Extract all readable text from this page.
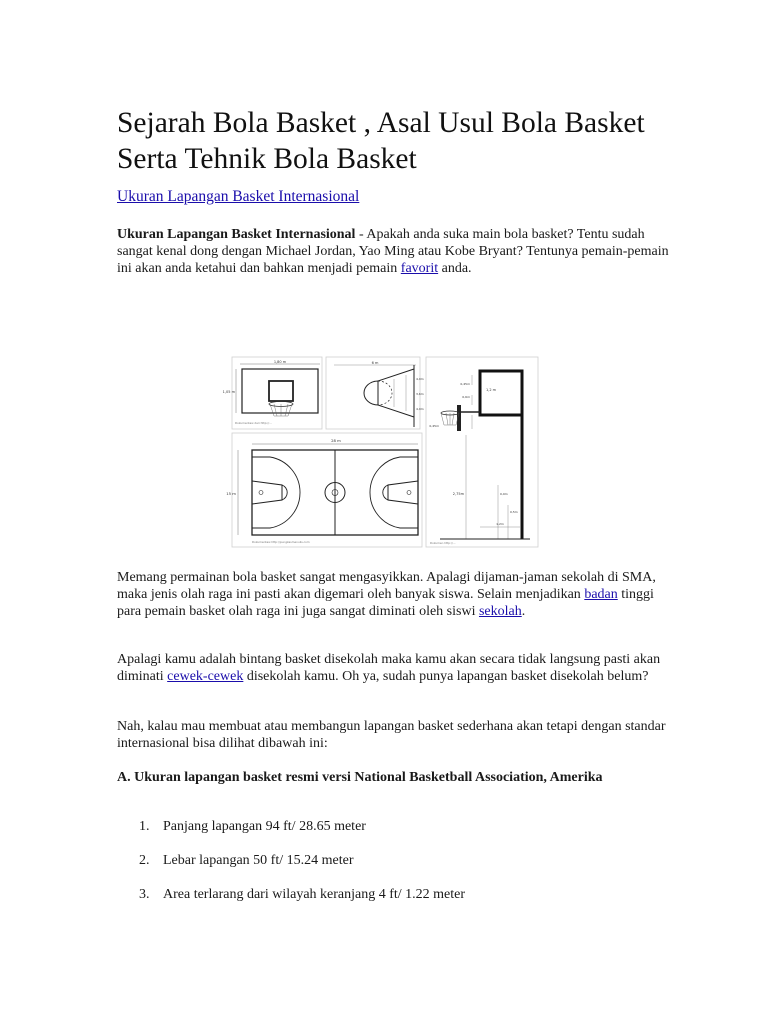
Sejarah Bola Basket , Asal Usul Bola Basket Serta Tehnik Bola Basket
Ukuran Lapangan Basket Internasional

Ukuran Lapangan Basket Internasional - Apakah anda suka main bola basket? Tentu sudah sangat kenal dong dengan Michael Jordan, Yao Ming atau Kobe Bryant? Tentunya pemain-pemain ini akan anda ketahui dan bahkan menjadi pemain favorit anda.

1,80 m
1,05 m
Dokumentasi dari http://...
6 m
4,9m
3,6m
4,9m
0,45m
0,6m
0,45m
1,2 m
2,75m	0,9m
0,5m
1,2m
Dokumen http://...
28 m
15 m
Dokumentasi http://pungkasmenulis.com

Memang permainan bola basket sangat mengasyikkan. Apalagi dijaman-jaman sekolah di SMA, maka jenis olah raga ini pasti akan digemari oleh banyak siswa. Selain menjadikan badan tinggi para pemain basket olah raga ini juga sangat diminati oleh siswi sekolah.

Apalagi kamu adalah bintang basket disekolah maka kamu akan secara tidak langsung pasti akan diminati cewek-cewek disekolah kamu. Oh ya, sudah punya lapangan basket disekolah belum?

Nah, kalau mau membuat atau membangun lapangan basket sederhana akan tetapi dengan standar internasional bisa dilihat dibawah ini:

A. Ukuran lapangan basket resmi versi National Basketball Association, Amerika

1. Panjang lapangan 94 ft/ 28.65 meter
2. Lebar lapangan 50 ft/ 15.24 meter
3. Area terlarang dari wilayah keranjang 4 ft/ 1.22 meter
